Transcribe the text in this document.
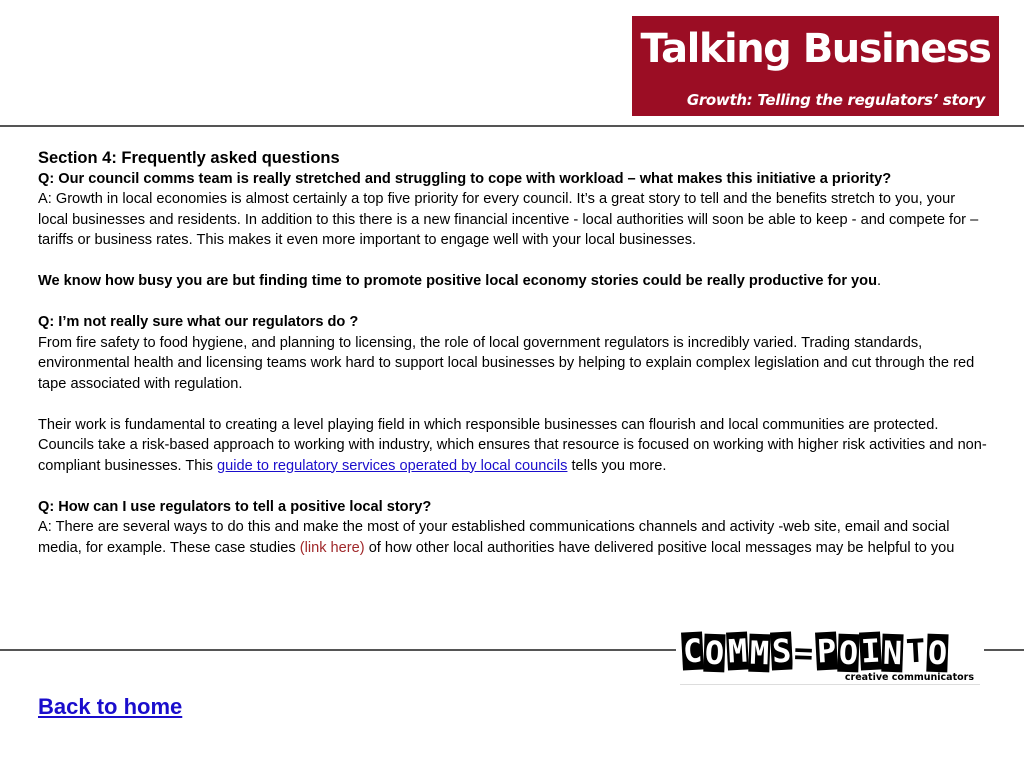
Talking Business
Growth: Telling the regulators’ story

Section 4: Frequently asked questions

Q: Our council comms team is really stretched and struggling to cope with workload – what makes this initiative a priority?

A: Growth in local economies is almost certainly a top five priority for every council. It’s a great story to tell and the benefits stretch to you, your local businesses and residents. In addition to this there is a new financial incentive - local authorities will soon be able to keep - and compete for – tariffs or business rates. This makes it even more important to engage well with your local businesses.

We know how busy you are but finding time to promote positive local economy stories could be really productive for you.

Q: I’m not really sure what our regulators do ?

From fire safety to food hygiene, and planning to licensing, the role of local government regulators is incredibly varied. Trading standards, environmental health and licensing teams work hard to support local businesses by helping to explain complex legislation and cut through the red tape associated with regulation.

Their work is fundamental to creating a level playing field in which responsible businesses can flourish and local communities are protected. Councils take a risk-based approach to working with industry, which ensures that resource is focused on working with higher risk activities and non-compliant businesses. This guide to regulatory services operated by local councils tells you more.

Q: How can I use regulators to tell a positive local story?

A: There are several ways to do this and make the most of your established communications channels and activity -web site, email and social media, for example. These case studies (link here) of how other local authorities have delivered positive local messages may be helpful to you

COMMS=POINTO
creative communicators
Back to home
